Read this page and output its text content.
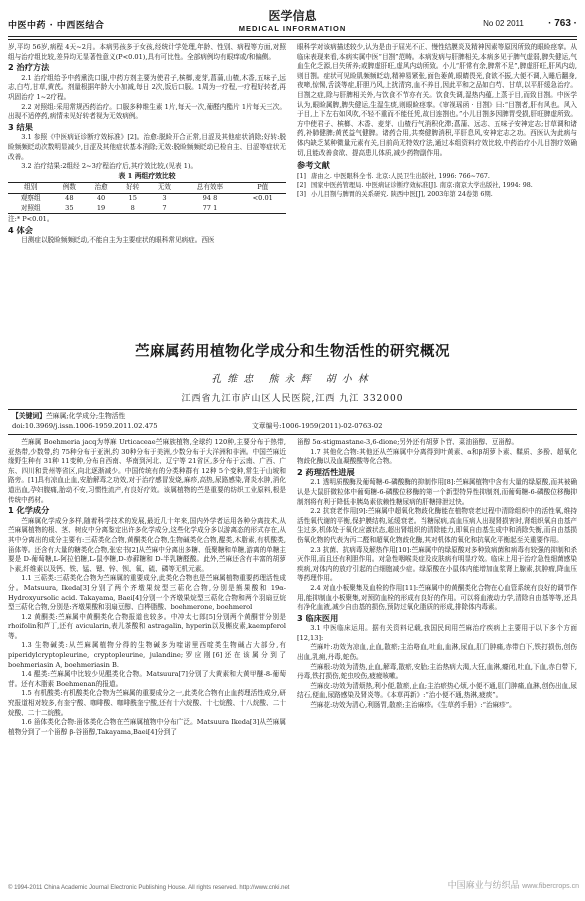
中医中药 · 中西医结合
医学信息
MEDICAL INFORMATION
No 02 2011 · 763 ·

岁,平均 56岁,病程 4天~2月。本病男孩多于女孩,经统计学处理,年龄、性别、病程等方面,对照组与治疗组比较,差异均无显著性意义(P<0.01),具有可比性。全部病例均有眼痒或/和偏侧。

2 治疗方法

2.1 治疗组给予中药熏洗口服,中药方剂主要为使君子,槟榔,麦芽,菖蒲,山楂,木香,五味子,远志,白芍,甘草,黄芪。剂量根据年龄大小加减,每日 2次,饭后口服。1周为一疗程,一疗程好转者,再巩固治疗 1~2疗程。

2.2 对照组:采用常规西药治疗。口服多种维生素 1片,每天一次,葡醛内酯片 1片每天三次。出现不适停药,病情未见好转者视为无效病例。

3 结果

3.1 参照《中医病证诊断疗效标准》[2]。治愈:脱睑开合正常,目涩及其他症状消除;好转:脱睑频频眨动次数明显减少,目涩及其他症状基本消除;无效:脱睑频频眨动已检自主、目涩等症状无改善。

3.2 治疗结果:2组经 2~3疗程治疗后,其疗效比较,(见表 1)。

表 1 两组疗效比较
组别	例数	治愈	好转	无效	总有效率	P值
观察组	48	40	15	3	94 8	<0.01
对照组	35	19	8	7	77 1	

注:* P<0.01。

4 体会

目测症以脱睑频频眨动,不能自主为主要症状的眼科常见病症。西医

眼科学对该病描述较少,认为是由于屈光不正、慢性结膜炎及精神因素等原因所致的眼睑痉挛。从临床表现来看,本病实属中医“目劄”范畴。本病发病与肝脾相关,本病多见于脾气虚弱,脾失健运,气血生化乏源,目失所养;或脾虚肝旺,虚风内动所致。小儿“肝常有余,脾常不足”,脾虚肝旺,肝风内动,则目劄。症状可见睑肌频频眨动,精神易紧张,面色萎黄,眼睛畏光,食欲不振,大便不调,入睡后翻身,夜啼,惊惕,舌淡等症,肝胆乃风,上扰清窍,血不养目,因此平和之品如白芍、甘草,以平肝缓急治疗。目劄之症,除与肝脾相关外,与饮食不节亦有关。饮食失调,湿热内蕴,上蒸于目,而致目劄。中医学认为,眼睑属脾,脾失健运,生湿生痰,则眼睑痉挛。《审视瑶函 · 目劄》曰:“目劄者,肝有风也。风入于目,上下左右如风吹,不轻不重而不能任凭,故目连劄也。”小儿目劄多因脾胃受损,肝旺脾虚所致。方中使君子、槟榔、木香、麦芽、山楂行气消积化滞;菖蒲、远志、五味子安神定志;甘草调和诸药,补肺健脾;黄芪益气健脾。诸药合用,共奏健脾消积,平肝息风,安神定志之功。西医认为此病与体内缺乏某种微量元素有关,目前尚无特效疗法,通过本组资料疗效比较,中药治疗小儿目劄疗效确切,且能改善食欲、提高患儿体质,减少药物副作用。

参考文献
[1] 唐由之. 中医眼科全书. 北京:人民卫生出版社, 1996: 766~767.
[2] 国家中医药管理局. 中医病证诊断疗效标准[J]. 南京:南京大学出版社, 1994: 98.
[3] 小儿目劄与脾胃的关系研究. 陕西中医[J], 2003年第 24卷第 6期.
苎麻属药用植物化学成分和生物活性的研究概况
孔维忠 熊永辉 胡小林
江西省九江市庐山区人民医院,江西 九江 332000
【关键词】苎麻属;化学成分;生物活性
doi:10.3969/j.issn.1006-1959.2011.02.475	文章编号:1006-1959(2011)-02-0763-02

苎麻属 Boehmeria jacq为荨麻 Urticaceae苎麻族植物,全球约 120种,主要分布于热带,亚热带,少数带,约 75种分布于亚洲,约 30种分布于美洲,少数分布于大洋洲和非洲。中国苎麻近缘野生种有 31种 11变种,分布自西南、华南到河北、辽宁等 21省区,多分布于云南、广西、广东、四川和贵州等省区,向北逐渐减少。中国传统有的分类种群有 12种 5个变种,常生于山坡和路旁。[1]具有凉血止血,安胎解毒之功效,对于治疗感冒发烧,麻疹,高热,尿路感染,肾炎水肿,消化道出血,孕妇腹痛,胎动不安,习惯性流产,有良好疗效。该属植物的苎是重要的纺织工业原料,根是传统中药材。

1 化学成分

苎麻属化学成分多样,随着科学技术的发展,最近几十年来,国内外学者运用各种分离技术,从苎麻属植物的根、茎、树皮中分离鉴定出许多化学成分,这些化学成分多以游离态的形式存在,从其中分离出的成分主要有:三萜类化合物,黄酮类化合物,生物碱类化合物,醌类,木脂素,有机酸类,甾体等。还含有大量的糖类化合物,张宏书[2]从苎麻中分离出多糖、低聚糖和单糖,游离的单糖主要是 D-葡萄糖,L-阿拉伯糖,L-鼠李糖,D-赤藓糖和 D-半乳糖醛酸。此外,苎麻还含有丰富的胡萝卜素,纤维素以及钙、铁、锰、锶、锌、钡、氧、硫、磷等无机元素。

1.1 三萜类:三萜类化合物为苎麻属的重要成分,此类化合物也是苎麻属植物重要药理活性成分。Matsuura, Ikeda[3]分别了两个齐墩果烷型三萜化合物,分别是熊果酸和 19α-Hydroxyursolic acid. Takayama, Baei[4]分别一个齐墩果烷型三萜化合物和两个羽扇豆烷型三萜化合物,分别是:齐墩果酸和羽扇豆醇、白桦脂酸、boehmerone, boehmerol

1.2 黄酮类:苎麻属中黄酮类化合物报道也较多。中冲太七郎[5]分别两个黄酮苷分别是 rhoifolin和芦丁,还有 avicularin,表儿茶酸和 astragalin, hyperin以及槲皮素,kaempferol等。

1.3 生物碱类:从苎麻属植物分得的生物碱多为喹诺里西啶类生物碱占大部分,有 piperidylcryptopleurine, cryptopleurine, julandine;罗应刚[6]还在该属分到了 boehmeriasin A, boehmeriasin B.

1.4 醌类:苎麻属中比较少见醌类化合物。Matsuura[7]分别了大黄素和大黄甲醚-8-葡萄苷。还有木脂素 Boehmenan的报道。

1.5 有机酸类:有机酸类化合物为苎麻属的重要成分之一,此类化合物有止血药理活性成分,研究报道相对较多,有奎宁酸、咖啡酸、咖啡酰奎宁酸,还有十六烷酸、十七烷酸、十八烷酸、二十烷酸、二十二烷酸。

1.6 甾体类化合物:甾体类化合物在苎麻属植物中分布广泛。Matsuura Ikeda[3]从苎麻属植物分到了一个甾醇 β-谷甾醇,Takayama,Baei[4]分到了

甾醇 5α-stigmastane-3,6-dione;另外还有胡萝卜苷、菜油甾醇、豆甾醇。

1.7 其他化合物:其他还从苎麻属中分离得到叶黄素、α和β胡萝卜素、鞣质、多酚、超氧化物歧化酶以及血凝酸酸等化合物。

2 药理活性进展

2.1 透明质酸酶及葡萄糖-6-磷酸酶的抑制作用[8]:苎麻属植物中含有大量的绿原酸,而其被确认是大鼠肝微粒体中葡萄糖-6-磷酸位移酶的第一个新型特异性抑制剂,而葡萄糖-6-磷酸位移酶抑制剂将有利于降低非胰岛素依赖性糖尿病的肝糖排泄过快。

2.2 抗衰老作用[9]:苎麻属中超氧化物歧化酶能在植物衰老过程中清除组织中的活性氧,维持活性氧代谢的平衡,保护膜结构,延缓衰老。当糖尿病,高血压病人出现肾损害时,肾组织氧自由基产生过多,机体处于氧化应激状态,超出肾组织的清除能力,即氧自由基生成中和消除失衡,而自由基损伤氧化物的代表为丙二醛和超氧化物歧化酶,其对机体的氧化和抗氧化平衡起至关重要作用。

2.3 抗菌、抗病毒及解热作用[10]:苎麻属中的绿原酸对多种致病菌和病毒有较强的抑制和杀灭作用,而且还有利胆作用。对急性咽喉炎症及皮肤病有明显疗效。临床上用于治疗急性细菌感染疾病,对体内的放疗引起的白细胞减少症。绿原酸在小鼠体内能增加血浆肾上腺素,抗肿瘤,降血压等药理作用。

2.4 对血小板聚集及血栓的作用[11]:苎麻属中的黄酮类化合物在心血管系统有良好的调节作用,能抑制血小板聚集,对预防血栓的形成有良好的作用。可以将血液动力学,清除自由基等等,还具有净化血液,减少自由基的损伤,预防过氧化脂质的形成,排除体内毒素。

3 临床医用

3.1 中医临床运用。据有关资料记载,我国民间用苎麻治疗疾病上主要用于以下多个方面[12,13]:

苎麻叶:功效为凉血,止血,散瘀;主治咯血,吐血,血淋,尿血,肛门肿痛,赤带白下,铁打损伤,创伤出血,乳痈,丹毒,蛇伤。

苎麻根:功效为清热,止血,解毒,散瘀,安胎;主治热病大渴,大狂,血淋,癃闭,吐血,下血,赤白带下,丹毒,铁打损伤,蛇虫咬伤,疲疲咳嗽。

苎麻皮:功效为清烦热,利小便,散瘀,止血;主治瘀热心烦,小便不通,肛门肿痛,血淋,创伤出血,尿结石,便血,尿路感染及肾炎等。《本草再新》:“治小便不通,热淋,疲痰”。

苎麻花:功效为清心,利肠胃,散瘀;主治麻疹。《生草药手册》:“治麻疹”。

© 1994-2011 China Academic Journal Electronic Publishing House. All rights reserved. http://www.cnki.net	中国麻业与纺织品 www.fibercrops.cn
